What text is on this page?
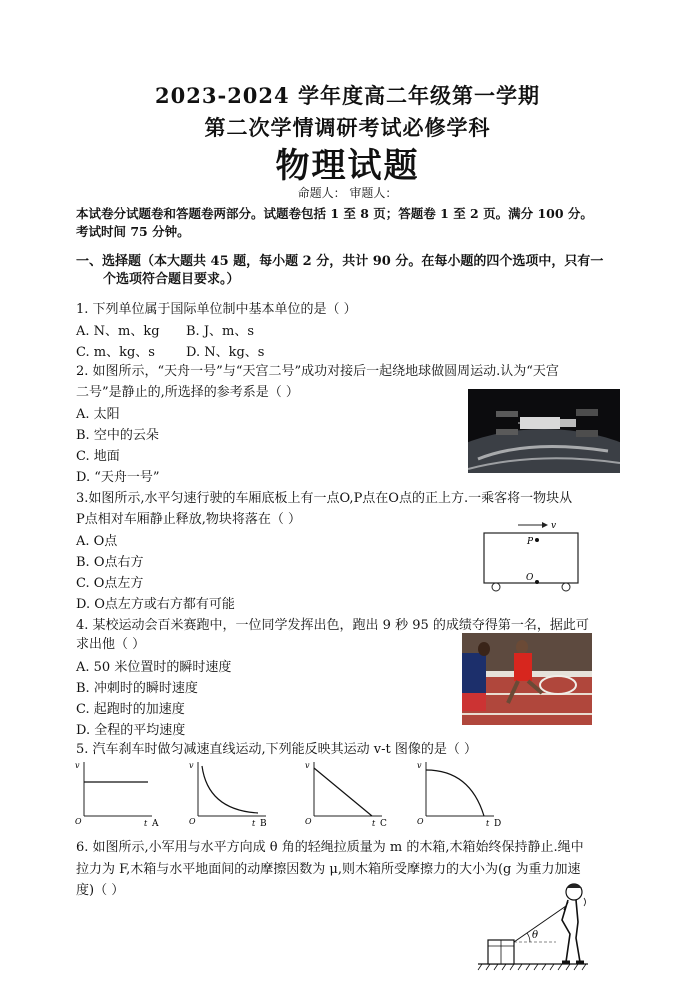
2023-2024 学年度高二年级第一学期
第二次学情调研考试必修学科
物理试题
命题人： 审题人：
本试卷分试题卷和答题卷两部分。试题卷包括 1 至 8 页；答题卷 1 至 2 页。满分 100 分。
考试时间 75 分钟。
一、选择题（本大题共 45 题，每小题 2 分，共计 90 分。在每小题的四个选项中，只有一
个选项符合题目要求。）
1. 下列单位属于国际单位制中基本单位的是（ ）
A. N、m、kg B. J、m、s
C. m、kg、s D. N、kg、s
2. 如图所示，“天舟一号”与“天宫二号”成功对接后一起绕地球做圆周运动.认为“天宫
二号”是静止的,所选择的参考系是（ ）
A. 太阳
B. 空中的云朵
C. 地面
D. “天舟一号”
3.如图所示,水平匀速行驶的车厢底板上有一点O,P点在O点的正上方.一乘客将一物块从
P点相对车厢静止释放,物块将落在（ ）
A. O点
B. O点右方
C. O点左方
D. O点左方或右方都有可能
v
P
O
4. 某校运动会百米赛跑中，一位同学发挥出色，跑出 9 秒 95 的成绩夺得第一名，据此可
求出他（ ）
A. 50 米位置时的瞬时速度
B. 冲刺时的瞬时速度
C. 起跑时的加速度
D. 全程的平均速度
5. 汽车刹车时做匀减速直线运动,下列能反映其运动 v-t 图像的是（ ）
v
O	t A
v
O	t B
v
O	t C
v
O	t D
6. 如图所示,小军用与水平方向成 θ 角的轻绳拉质量为 m 的木箱,木箱始终保持静止.绳中
拉力为 F,木箱与水平地面间的动摩擦因数为 μ,则木箱所受摩擦力的大小为(g 为重力加速
度)（ ）
θ
